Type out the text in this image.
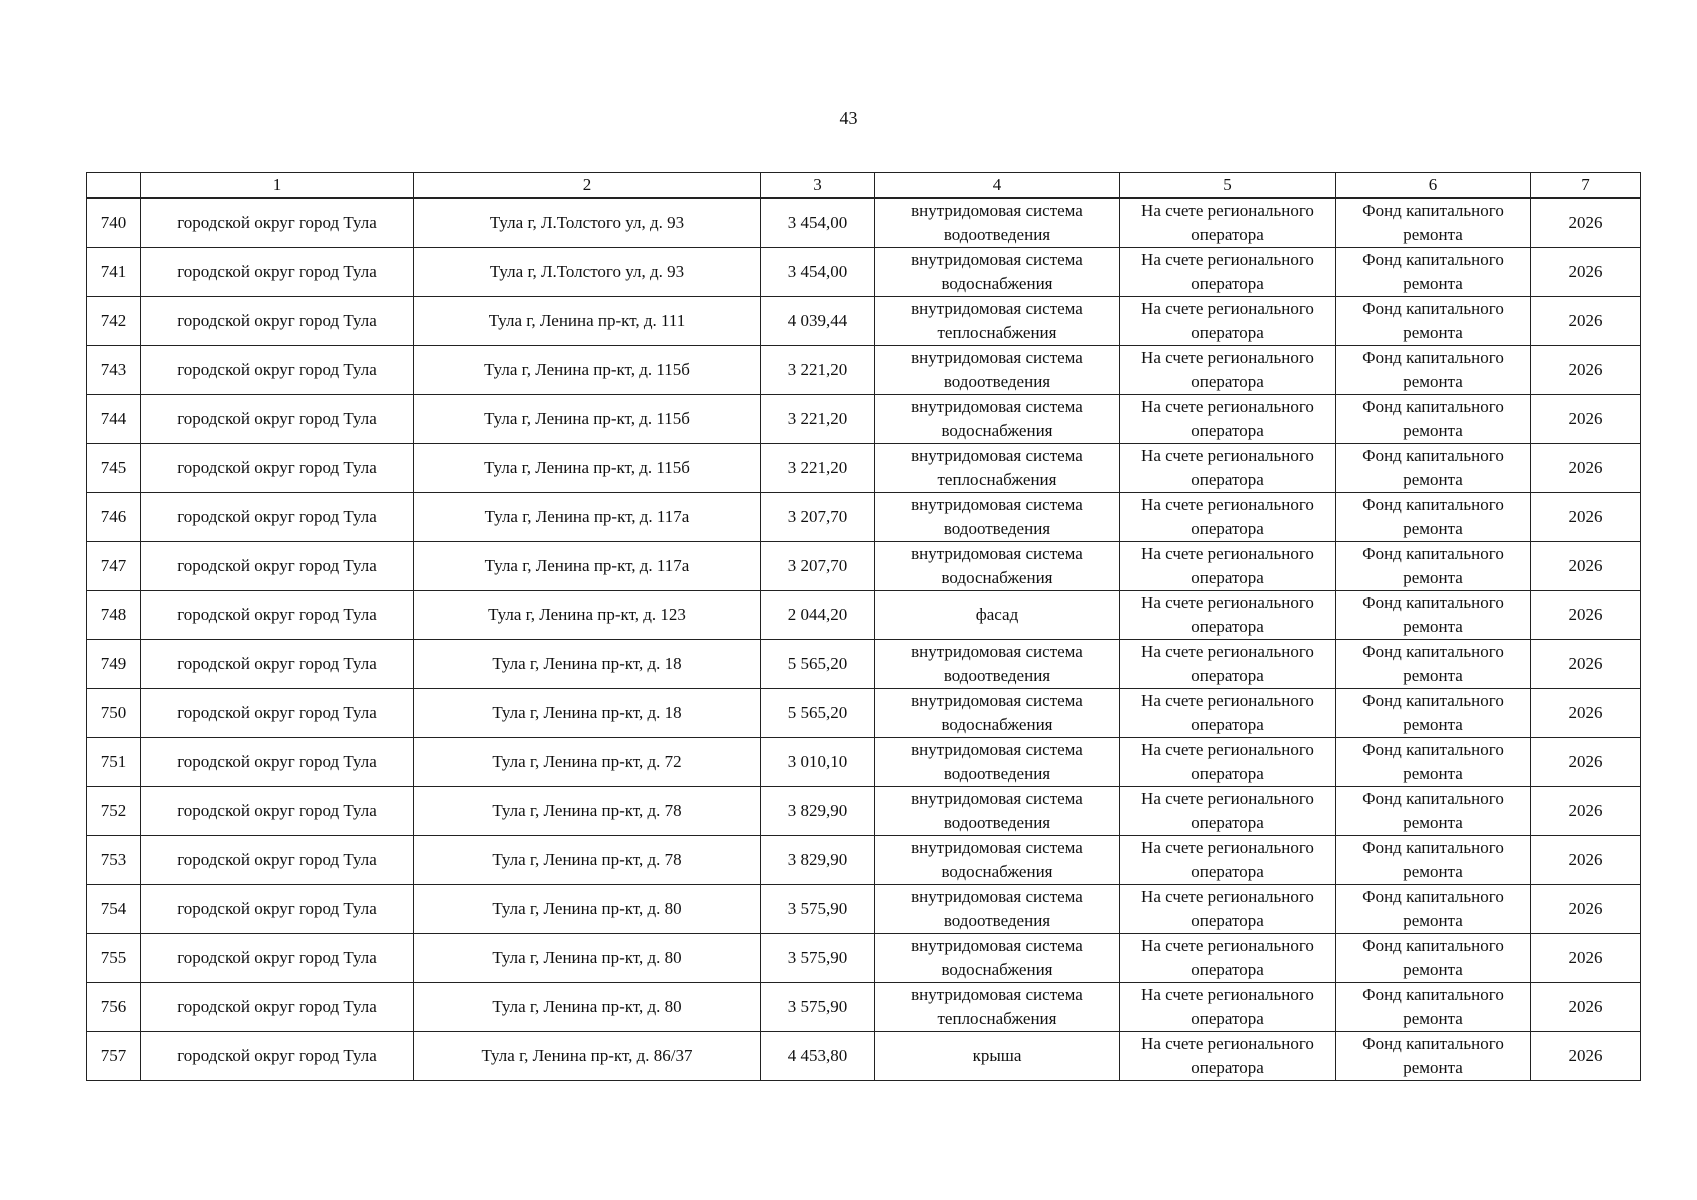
43
	1	2	3	4	5	6	7
740	городской округ город Тула	Тула г, Л.Толстого ул, д. 93	3 454,00	внутридомовая система водоотведения	На счете регионального оператора	Фонд капитального ремонта	2026
741	городской округ город Тула	Тула г, Л.Толстого ул, д. 93	3 454,00	внутридомовая система водоснабжения	На счете регионального оператора	Фонд капитального ремонта	2026
742	городской округ город Тула	Тула г, Ленина пр-кт, д. 111	4 039,44	внутридомовая система теплоснабжения	На счете регионального оператора	Фонд капитального ремонта	2026
743	городской округ город Тула	Тула г, Ленина пр-кт, д. 115б	3 221,20	внутридомовая система водоотведения	На счете регионального оператора	Фонд капитального ремонта	2026
744	городской округ город Тула	Тула г, Ленина пр-кт, д. 115б	3 221,20	внутридомовая система водоснабжения	На счете регионального оператора	Фонд капитального ремонта	2026
745	городской округ город Тула	Тула г, Ленина пр-кт, д. 115б	3 221,20	внутридомовая система теплоснабжения	На счете регионального оператора	Фонд капитального ремонта	2026
746	городской округ город Тула	Тула г, Ленина пр-кт, д. 117а	3 207,70	внутридомовая система водоотведения	На счете регионального оператора	Фонд капитального ремонта	2026
747	городской округ город Тула	Тула г, Ленина пр-кт, д. 117а	3 207,70	внутридомовая система водоснабжения	На счете регионального оператора	Фонд капитального ремонта	2026
748	городской округ город Тула	Тула г, Ленина пр-кт, д. 123	2 044,20	фасад	На счете регионального оператора	Фонд капитального ремонта	2026
749	городской округ город Тула	Тула г, Ленина пр-кт, д. 18	5 565,20	внутридомовая система водоотведения	На счете регионального оператора	Фонд капитального ремонта	2026
750	городской округ город Тула	Тула г, Ленина пр-кт, д. 18	5 565,20	внутридомовая система водоснабжения	На счете регионального оператора	Фонд капитального ремонта	2026
751	городской округ город Тула	Тула г, Ленина пр-кт, д. 72	3 010,10	внутридомовая система водоотведения	На счете регионального оператора	Фонд капитального ремонта	2026
752	городской округ город Тула	Тула г, Ленина пр-кт, д. 78	3 829,90	внутридомовая система водоотведения	На счете регионального оператора	Фонд капитального ремонта	2026
753	городской округ город Тула	Тула г, Ленина пр-кт, д. 78	3 829,90	внутридомовая система водоснабжения	На счете регионального оператора	Фонд капитального ремонта	2026
754	городской округ город Тула	Тула г, Ленина пр-кт, д. 80	3 575,90	внутридомовая система водоотведения	На счете регионального оператора	Фонд капитального ремонта	2026
755	городской округ город Тула	Тула г, Ленина пр-кт, д. 80	3 575,90	внутридомовая система водоснабжения	На счете регионального оператора	Фонд капитального ремонта	2026
756	городской округ город Тула	Тула г, Ленина пр-кт, д. 80	3 575,90	внутридомовая система теплоснабжения	На счете регионального оператора	Фонд капитального ремонта	2026
757	городской округ город Тула	Тула г, Ленина пр-кт, д. 86/37	4 453,80	крыша	На счете регионального оператора	Фонд капитального ремонта	2026
